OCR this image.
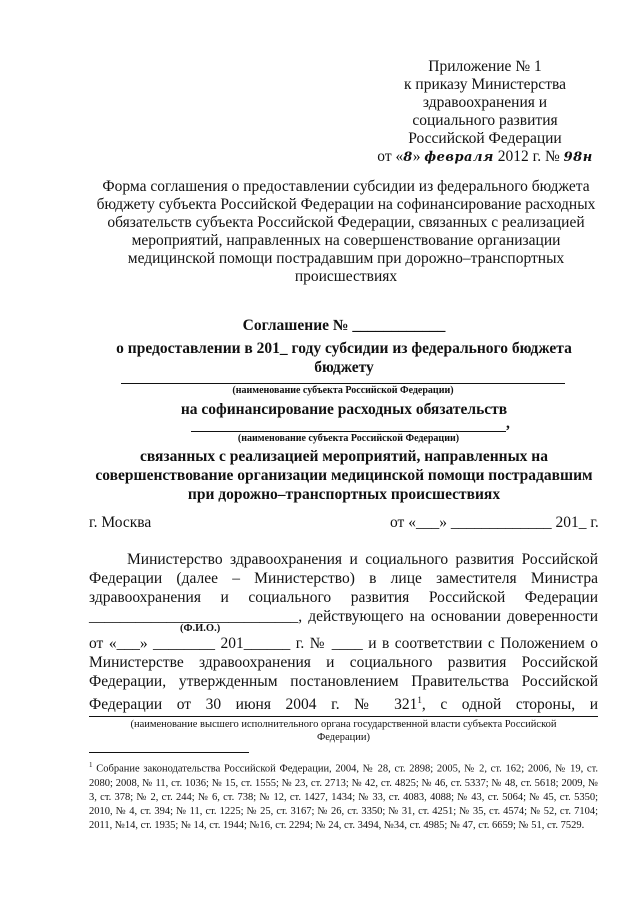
Приложение № 1
к приказу Министерства
здравоохранения и
социального развития
Российской Федерации
от «8» февраля 2012 г. № 98н
Форма соглашения о предоставлении субсидии из федерального бюджета
бюджету субъекта Российской Федерации на софинансирование расходных
обязательств субъекта Российской Федерации, связанных с реализацией
мероприятий, направленных на совершенствование организации
медицинской помощи пострадавшим при дорожно–транспортных
происшествиях
Соглашение № ____________
о предоставлении в 201_ году субсидии из федерального бюджета
бюджету
(наименование субъекта Российской Федерации)
на софинансирование расходных обязательств
,
(наименование субъекта Российской Федерации)
связанных с реализацией мероприятий, направленных на
совершенствование организации медицинской помощи пострадавшим
при дорожно–транспортных происшествиях
г. Москва	от «___» _____________ 201_ г.
Министерство здравоохранения и социального развития Российской
Федерации (далее – Министерство) в лице заместителя Министра
здравоохранения и социального развития Российской Федерации
___________________________, действующего на основании доверенности
(Ф.И.О.)
от «___» ________ 201______ г. № ____ и в соответствии с Положением о
Министерстве здравоохранения и социального развития Российской
Федерации, утвержденным постановлением Правительства Российской
Федерации от 30 июня 2004 г. № $321^1$, с одной стороны, и
(наименование высшего исполнительного органа государственной власти субъекта Российской
Федерации)
$^1$ Собрание законодательства Российской Федерации, 2004, № 28, ст. 2898; 2005, № 2, ст. 162; 2006, № 19, ст. 2080; 2008, № 11, ст. 1036; № 15, ст. 1555; № 23, ст. 2713; № 42, ст. 4825; № 46, ст. 5337; № 48, ст. 5618; 2009, № 3, ст. 378; № 2, ст. 244; № 6, ст. 738; № 12, ст. 1427, 1434; № 33, ст. 4083, 4088; № 43, ст. 5064; № 45, ст. 5350; 2010, № 4, ст. 394; № 11, ст. 1225; № 25, ст. 3167; № 26, ст. 3350; № 31, ст. 4251; № 35, ст. 4574; № 52, ст. 7104; 2011, №14, ст. 1935; № 14, ст. 1944; №16, ст. 2294; № 24, ст. 3494, №34, ст. 4985; № 47, ст. 6659; № 51, ст. 7529.
